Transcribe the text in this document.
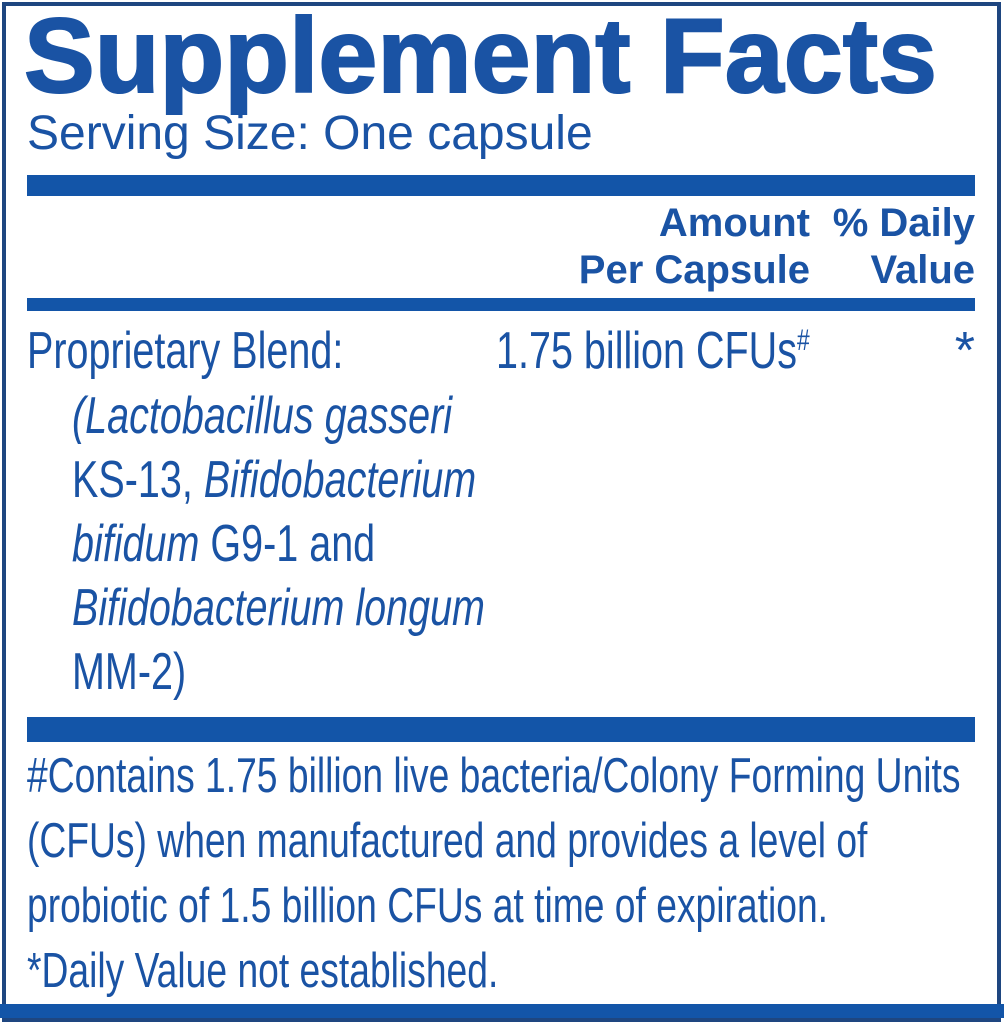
Supplement Facts
Serving Size: One capsule
Amount
Per Capsule
% Daily
Value
Proprietary Blend:	1.75 billion CFUs#	*
(Lactobacillus gasseri
KS-13, Bifidobacterium
bifidum G9-1 and
Bifidobacterium longum
MM-2)
#Contains 1.75 billion live bacteria/Colony Forming Units
(CFUs) when manufactured and provides a level of
probiotic of 1.5 billion CFUs at time of expiration.
*Daily Value not established.
